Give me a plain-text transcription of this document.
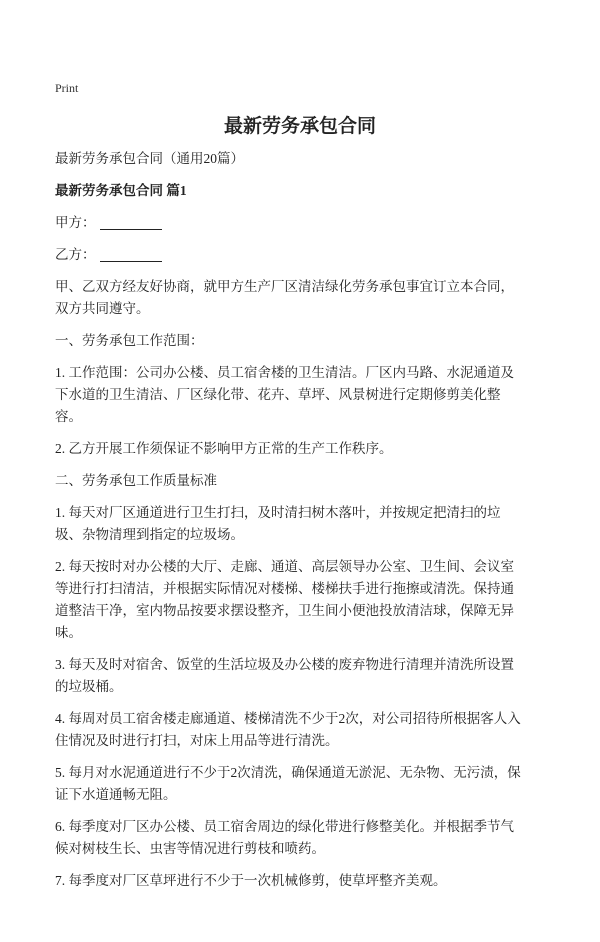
Print
最新劳务承包合同
最新劳务承包合同（通用20篇）
最新劳务承包合同 篇1
甲方：
乙方：
甲、乙双方经友好协商，就甲方生产厂区清洁绿化劳务承包事宜订立本合同，双方共同遵守。
一、劳务承包工作范围：
1. 工作范围：公司办公楼、员工宿舍楼的卫生清洁。厂区内马路、水泥通道及下水道的卫生清洁、厂区绿化带、花卉、草坪、风景树进行定期修剪美化整容。
2. 乙方开展工作须保证不影响甲方正常的生产工作秩序。
二、劳务承包工作质量标准
1. 每天对厂区通道进行卫生打扫，及时清扫树木落叶，并按规定把清扫的垃圾、杂物清理到指定的垃圾场。
2. 每天按时对办公楼的大厅、走廊、通道、高层领导办公室、卫生间、会议室等进行打扫清洁，并根据实际情况对楼梯、楼梯扶手进行拖擦或清洗。保持通道整洁干净，室内物品按要求摆设整齐，卫生间小便池投放清洁球，保障无异味。
3. 每天及时对宿舍、饭堂的生活垃圾及办公楼的废弃物进行清理并清洗所设置的垃圾桶。
4. 每周对员工宿舍楼走廊通道、楼梯清洗不少于2次，对公司招待所根据客人入住情况及时进行打扫，对床上用品等进行清洗。
5. 每月对水泥通道进行不少于2次清洗，确保通道无淤泥、无杂物、无污渍，保证下水道通畅无阻。
6. 每季度对厂区办公楼、员工宿舍周边的绿化带进行修整美化。并根据季节气候对树枝生长、虫害等情况进行剪枝和喷药。
7. 每季度对厂区草坪进行不少于一次机械修剪，使草坪整齐美观。
